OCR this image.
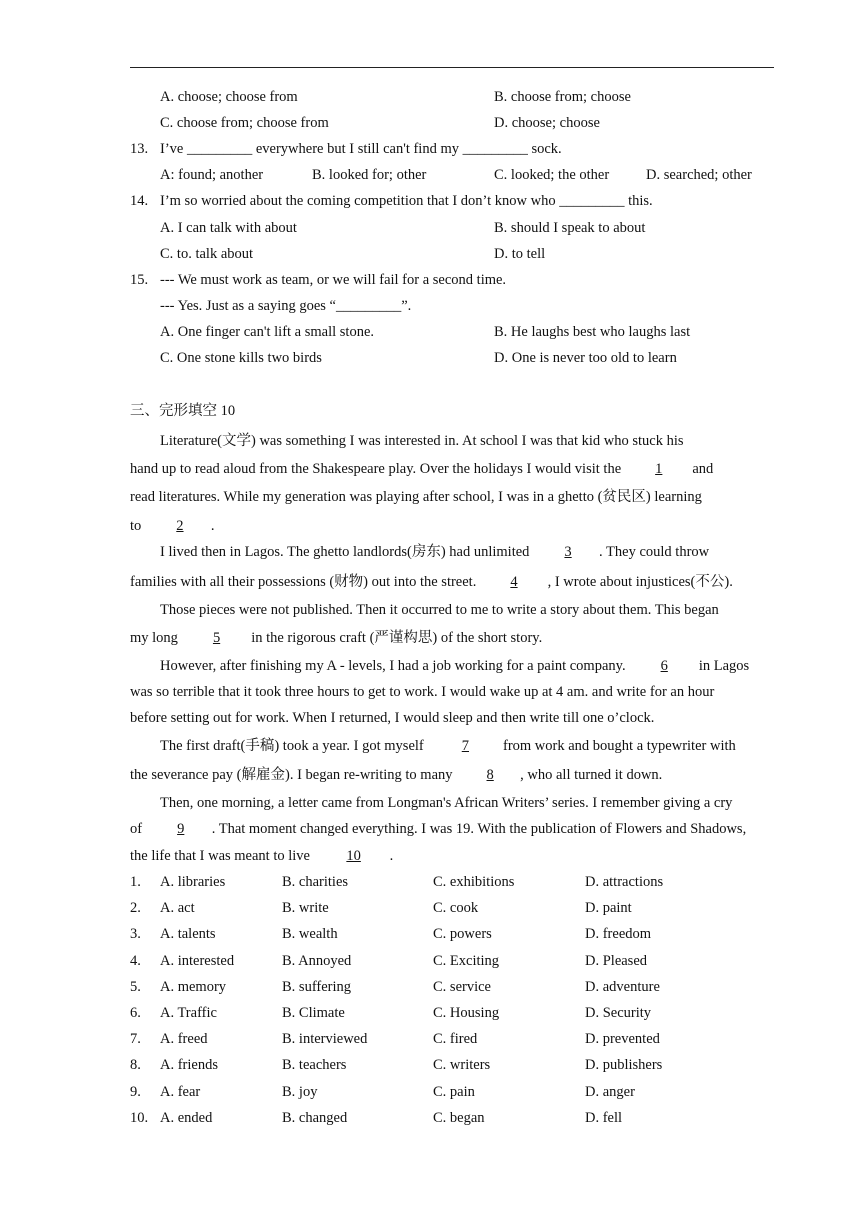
A. choose; choose from	B. choose from; choose
C. choose from; choose from	D. choose; choose
13. I’ve _________ everywhere but I still can't find my _________ sock.
A: found; another	B. looked for; other	C. looked; the other	D. searched; other
14. I’m so worried about the coming competition that I don’t know who _________ this.
A. I can talk with about	B. should I speak to about
C. to. talk about	D. to tell
15. --- We must work as team, or we will fail for a second time.
--- Yes. Just as a saying goes “_________”.
A. One finger can't lift a small stone.	B. He laughs best who laughs last
C. One stone kills two birds	D. One is never too old to learn
三、完形填空 10
Literature(文学) was something I was interested in. At school I was that kid who stuck his
hand up to read aloud from the Shakespeare play. Over the holidays I would visit the 1 and
read literatures. While my generation was playing after school, I was in a ghetto (贫民区) learning
to 2 .
I lived then in Lagos. The ghetto landlords(房东) had unlimited 3 . They could throw
families with all their possessions (财物) out into the street. 4 , I wrote about injustices(不公).
Those pieces were not published. Then it occurred to me to write a story about them. This began
my long 5 in the rigorous craft (严谨构思) of the short story.
However, after finishing my A - levels, I had a job working for a paint company. 6 in Lagos
was so terrible that it took three hours to get to work. I would wake up at 4 am. and write for an hour
before setting out for work. When I returned, I would sleep and then write till one o’clock.
The first draft(手稿) took a year. I got myself	7 from work and bought a typewriter with
the severance pay (解雇金). I began re-writing to many 8 , who all turned it down.
Then, one morning, a letter came from Longman's African Writers’ series. I remember giving a cry
of 9 . That moment changed everything. I was 19. With the publication of Flowers and Shadows,
the life that I was meant to live	10 .
1. A. libraries	B. charities	C. exhibitions	D. attractions
2. A. act	B. write	C. cook	D. paint
3. A. talents	B. wealth	C. powers	D. freedom
4. A. interested	B. Annoyed	C. Exciting	D. Pleased
5. A. memory	B. suffering	C. service	D. adventure
6. A. Traffic	B. Climate	C. Housing	D. Security
7. A. freed	B. interviewed	C. fired	D. prevented
8. A. friends	B. teachers	C. writers	D. publishers
9. A. fear	B. joy	C. pain	D. anger
10. A. ended	B. changed	C. began	D. fell
